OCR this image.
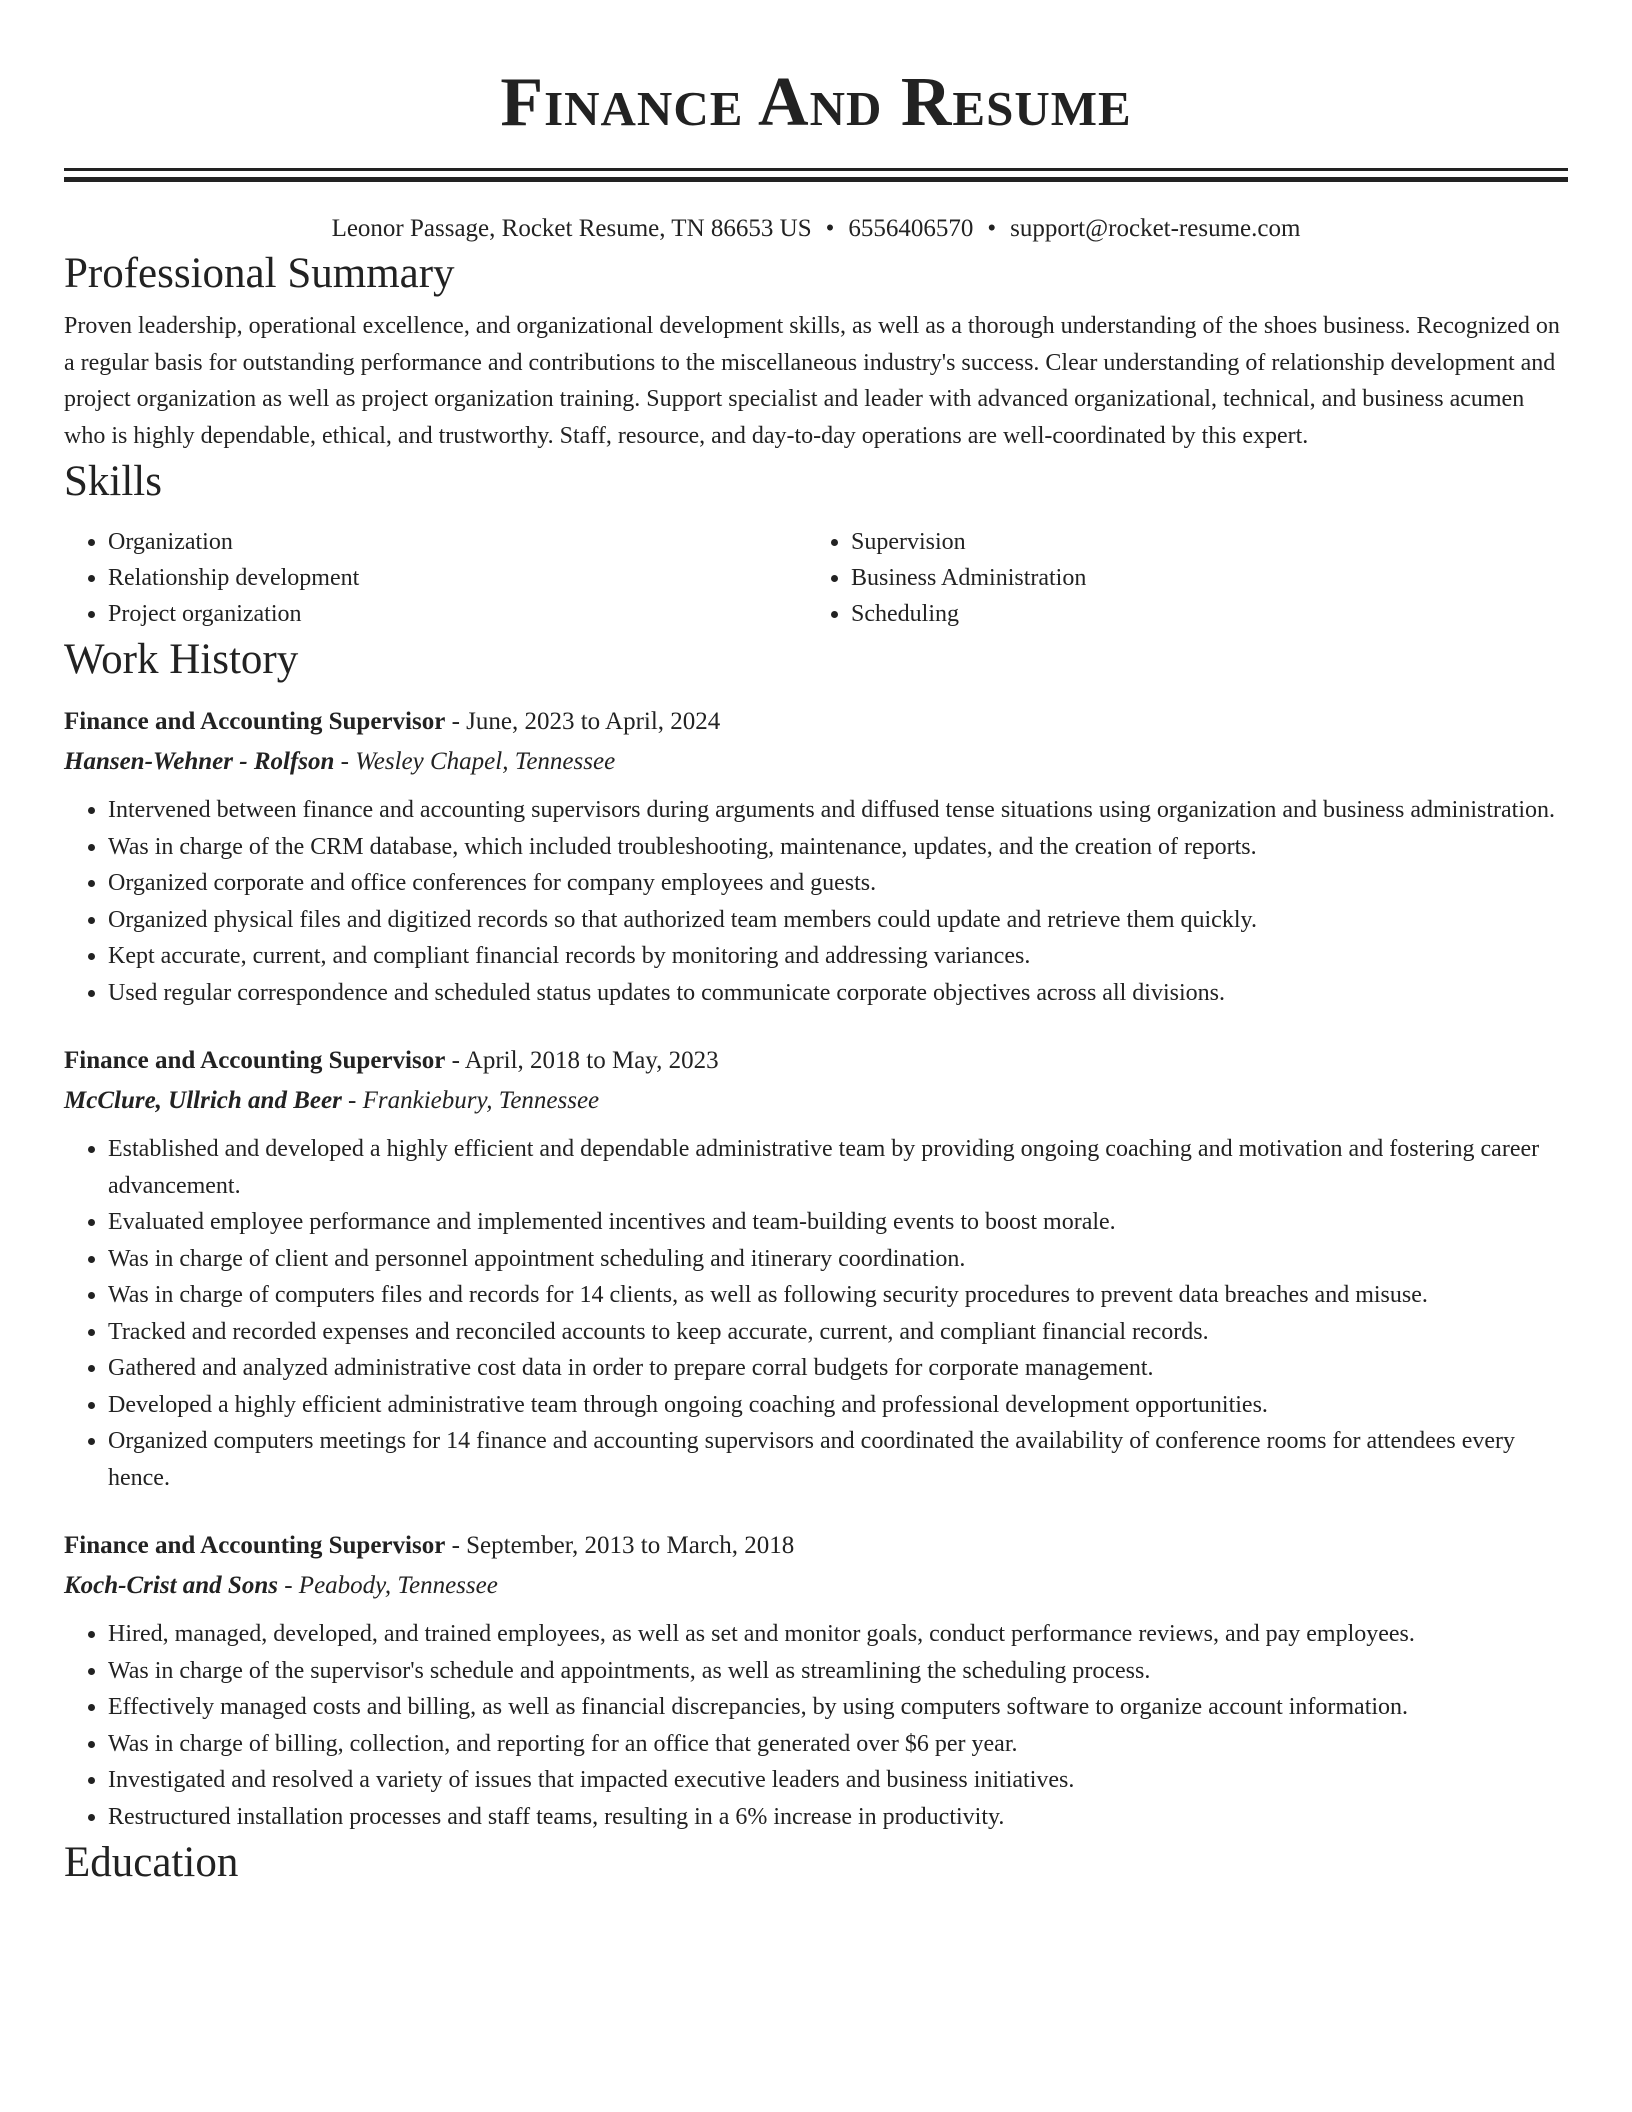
Finance And Resume
Leonor Passage, Rocket Resume, TN 86653 US • 6556406570 • support@rocket-resume.com
Professional Summary
Proven leadership, operational excellence, and organizational development skills, as well as a thorough understanding of the shoes business. Recognized on a regular basis for outstanding performance and contributions to the miscellaneous industry's success. Clear understanding of relationship development and project organization as well as project organization training. Support specialist and leader with advanced organizational, technical, and business acumen who is highly dependable, ethical, and trustworthy. Staff, resource, and day-to-day operations are well-coordinated by this expert.
Skills
• Organization
• Relationship development
• Project organization
• Supervision
• Business Administration
• Scheduling
Work History
Finance and Accounting Supervisor - June, 2023 to April, 2024
Hansen-Wehner - Rolfson - Wesley Chapel, Tennessee
• Intervened between finance and accounting supervisors during arguments and diffused tense situations using organization and business administration.
• Was in charge of the CRM database, which included troubleshooting, maintenance, updates, and the creation of reports.
• Organized corporate and office conferences for company employees and guests.
• Organized physical files and digitized records so that authorized team members could update and retrieve them quickly.
• Kept accurate, current, and compliant financial records by monitoring and addressing variances.
• Used regular correspondence and scheduled status updates to communicate corporate objectives across all divisions.
Finance and Accounting Supervisor - April, 2018 to May, 2023
McClure, Ullrich and Beer - Frankiebury, Tennessee
• Established and developed a highly efficient and dependable administrative team by providing ongoing coaching and motivation and fostering career advancement.
• Evaluated employee performance and implemented incentives and team-building events to boost morale.
• Was in charge of client and personnel appointment scheduling and itinerary coordination.
• Was in charge of computers files and records for 14 clients, as well as following security procedures to prevent data breaches and misuse.
• Tracked and recorded expenses and reconciled accounts to keep accurate, current, and compliant financial records.
• Gathered and analyzed administrative cost data in order to prepare corral budgets for corporate management.
• Developed a highly efficient administrative team through ongoing coaching and professional development opportunities.
• Organized computers meetings for 14 finance and accounting supervisors and coordinated the availability of conference rooms for attendees every hence.
Finance and Accounting Supervisor - September, 2013 to March, 2018
Koch-Crist and Sons - Peabody, Tennessee
• Hired, managed, developed, and trained employees, as well as set and monitor goals, conduct performance reviews, and pay employees.
• Was in charge of the supervisor's schedule and appointments, as well as streamlining the scheduling process.
• Effectively managed costs and billing, as well as financial discrepancies, by using computers software to organize account information.
• Was in charge of billing, collection, and reporting for an office that generated over $6 per year.
• Investigated and resolved a variety of issues that impacted executive leaders and business initiatives.
• Restructured installation processes and staff teams, resulting in a 6% increase in productivity.
Education
